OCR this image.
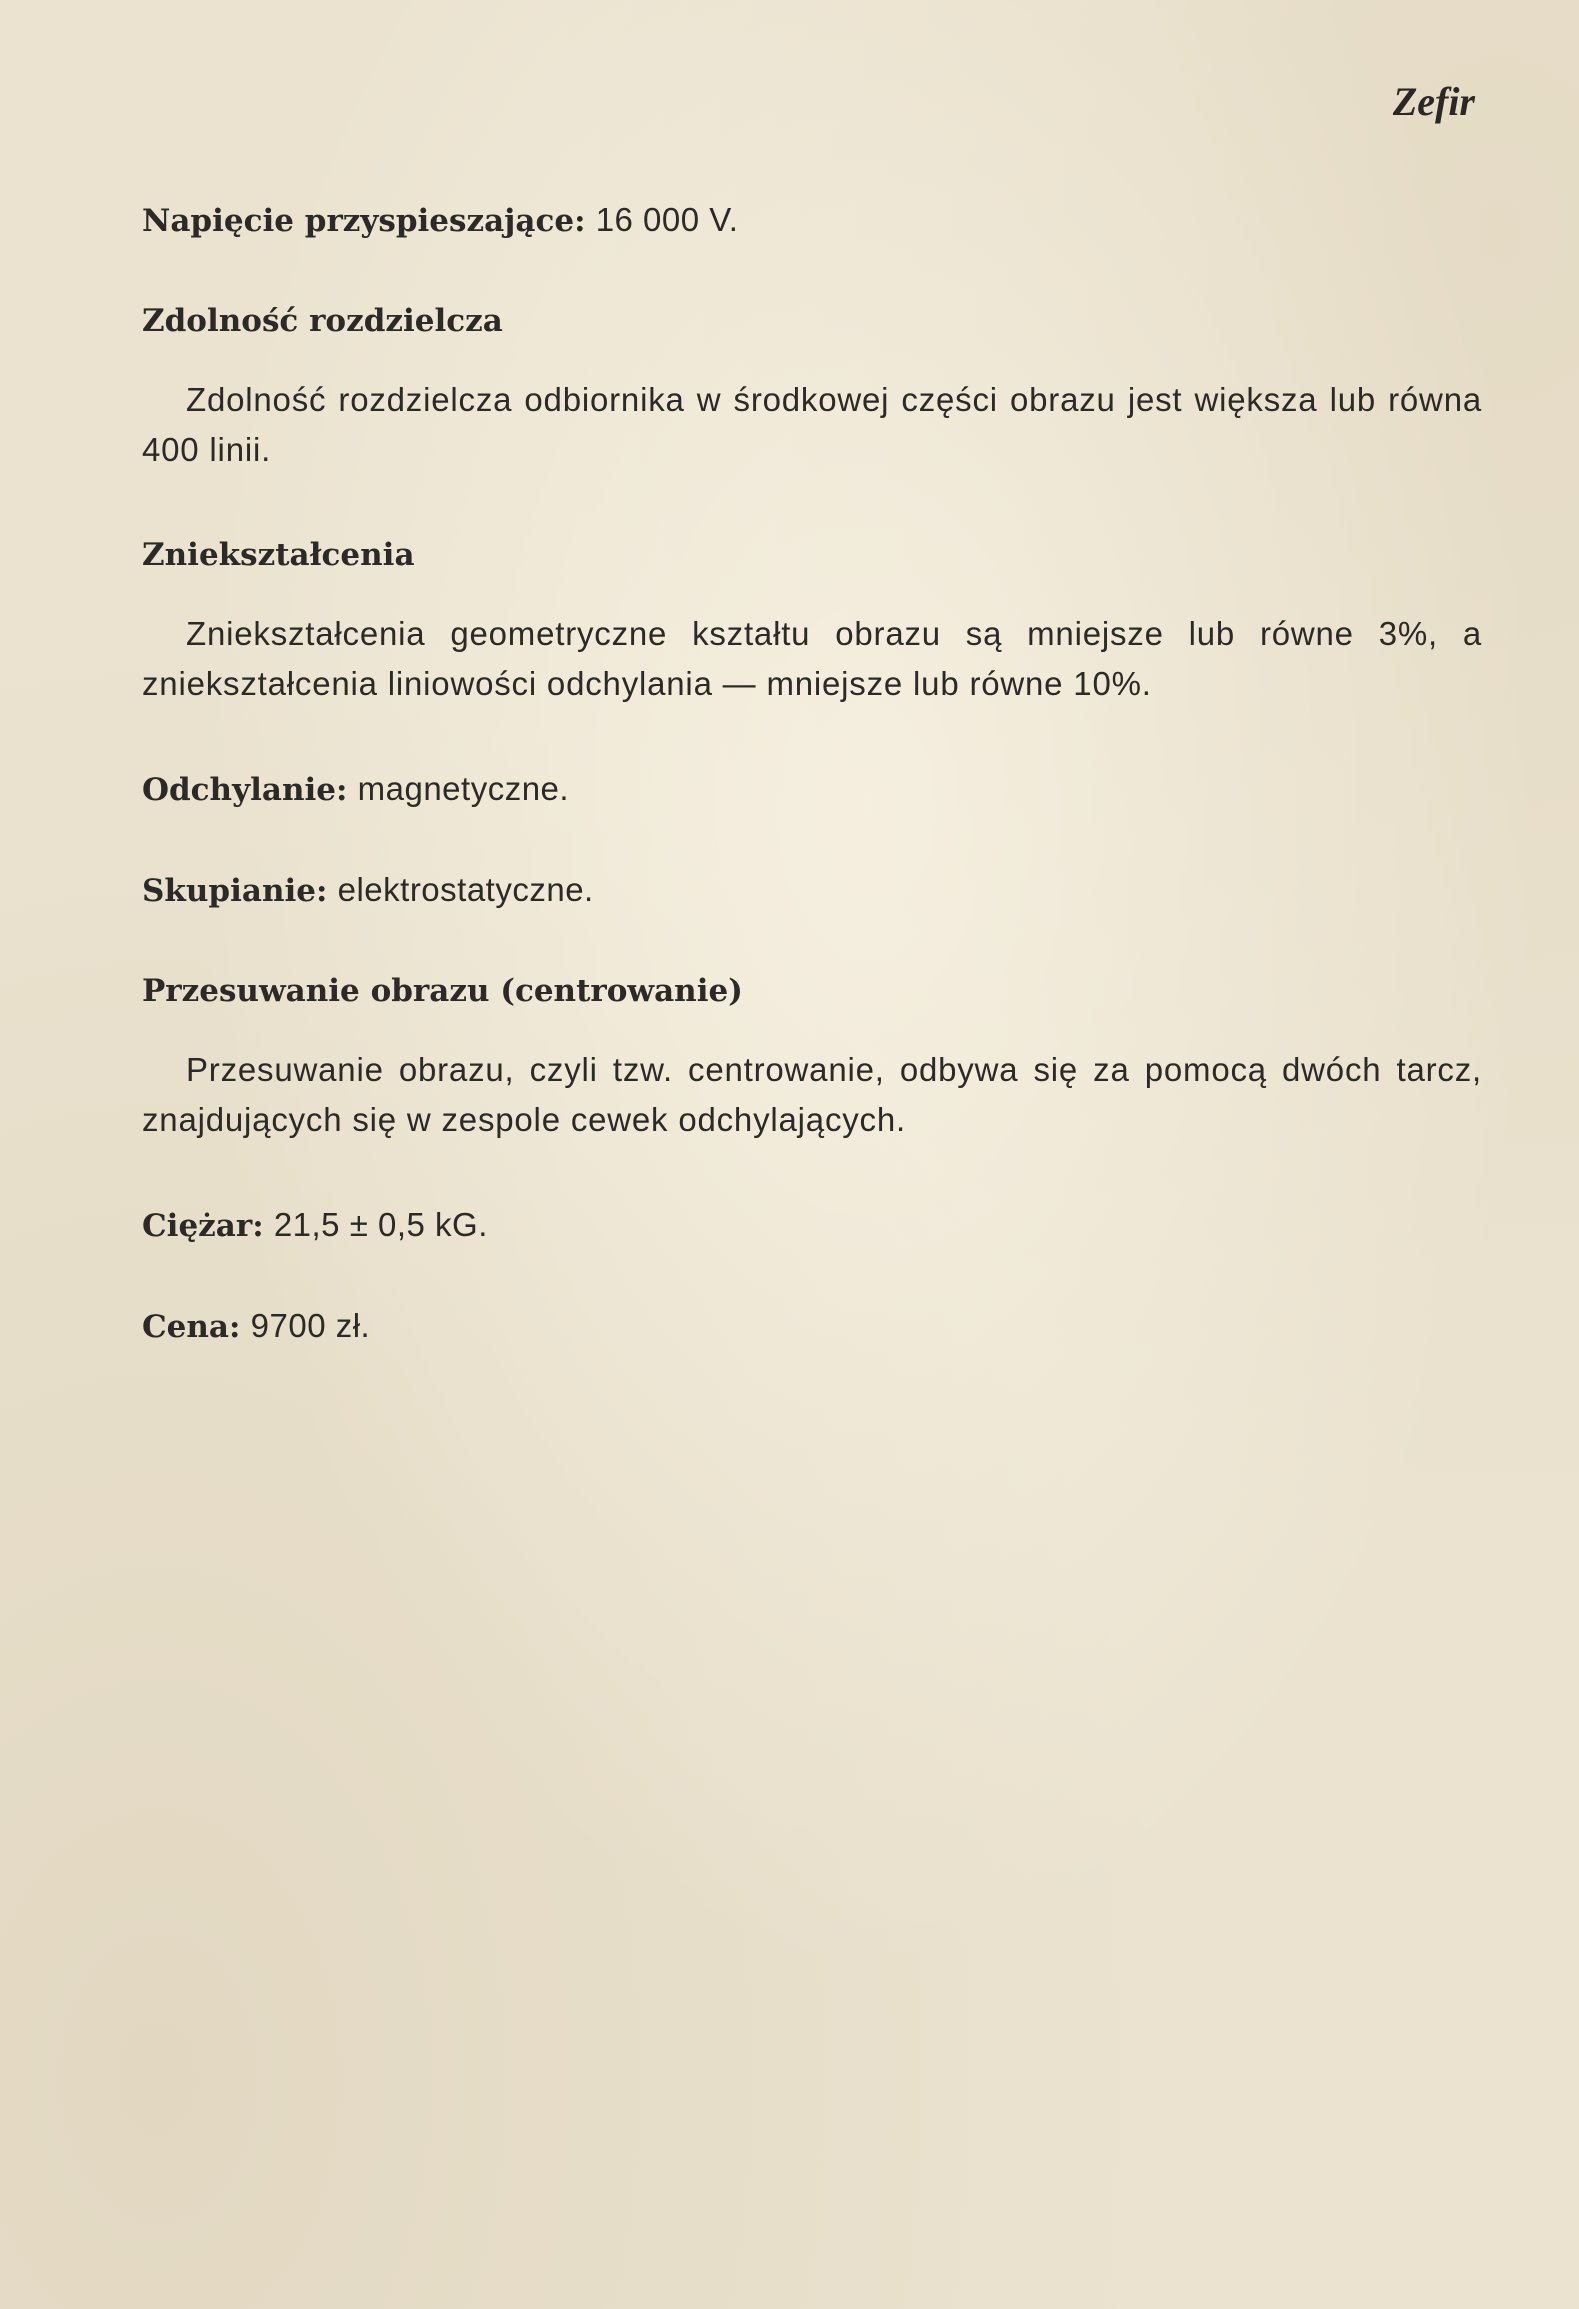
Zefir

Napięcie przyspieszające: 16 000 V.

Zdolność rozdzielcza

Zdolność rozdzielcza odbiornika w środkowej części obrazu jest większa lub równa 400 linii.

Zniekształcenia

Zniekształcenia geometryczne kształtu obrazu są mniejsze lub równe 3%, a zniekształcenia liniowości odchylania — mniejsze lub równe 10%.

Odchylanie: magnetyczne.

Skupianie: elektrostatyczne.

Przesuwanie obrazu (centrowanie)

Przesuwanie obrazu, czyli tzw. centrowanie, odbywa się za pomocą dwóch tarcz, znajdujących się w zespole cewek odchylających.

Ciężar: 21,5 ± 0,5 kG.

Cena: 9700 zł.
